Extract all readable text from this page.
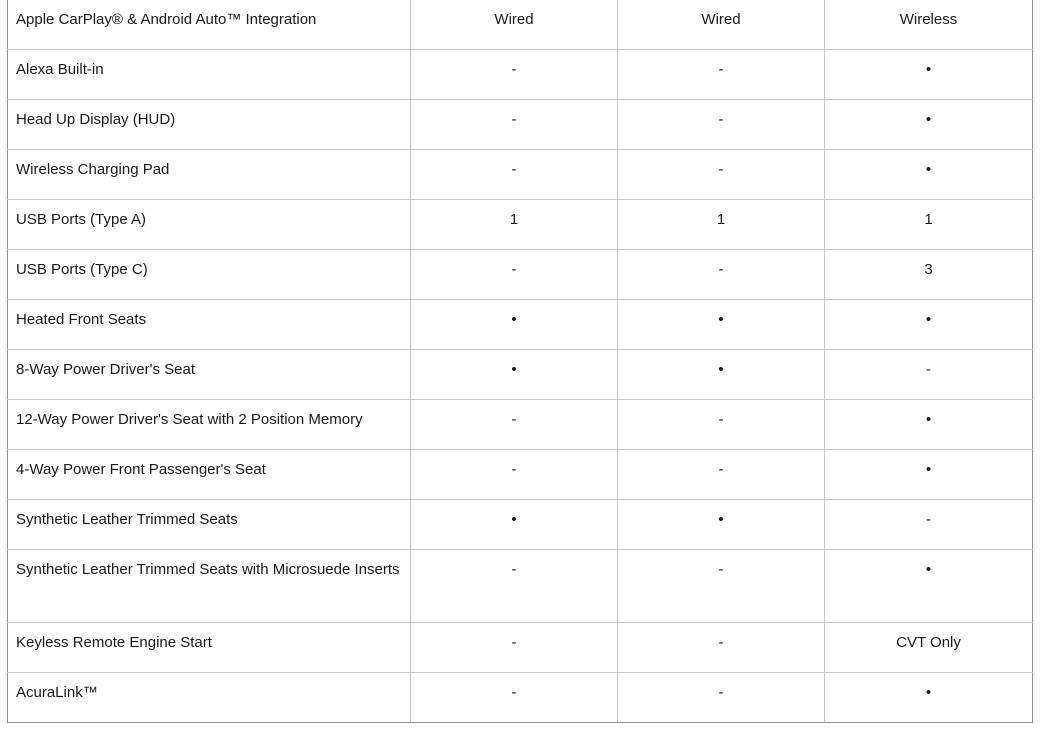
Apple CarPlay® & Android Auto™ Integration	Wired	Wired	Wireless
Alexa Built-in	-	-	•
Head Up Display (HUD)	-	-	•
Wireless Charging Pad	-	-	•
USB Ports (Type A)	1	1	1
USB Ports (Type C)	-	-	3
Heated Front Seats	•	•	•
8-Way Power Driver's Seat	•	•	-
12-Way Power Driver's Seat with 2 Position Memory	-	-	•
4-Way Power Front Passenger's Seat	-	-	•
Synthetic Leather Trimmed Seats	•	•	-
Synthetic Leather Trimmed Seats with Microsuede Inserts	-	-	•
Keyless Remote Engine Start	-	-	CVT Only
AcuraLink™	-	-	•
